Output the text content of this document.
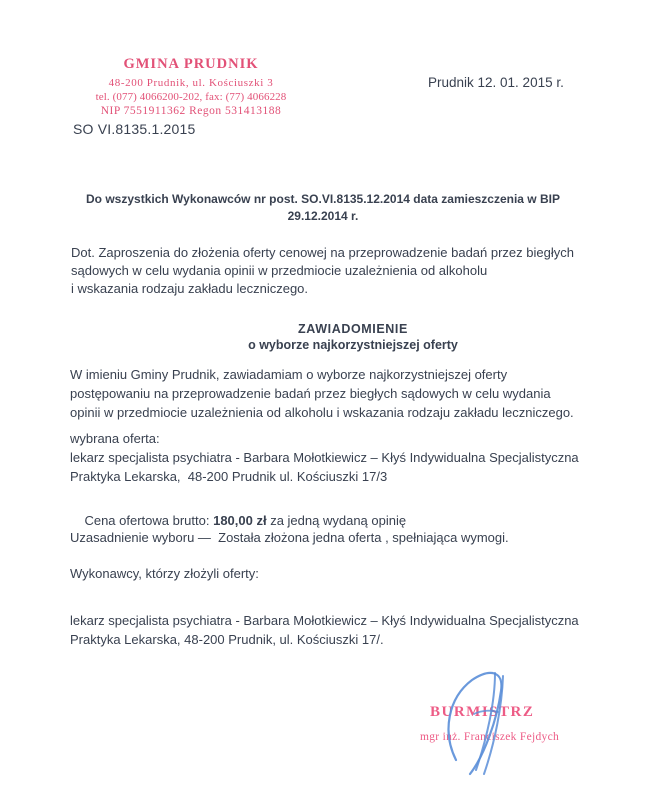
GMINA PRUDNIK
48-200 Prudnik, ul. Kościuszki 3
tel. (077) 4066200-202, fax: (77) 4066228
NIP 7551911362 Regon 531413188
Prudnik 12. 01. 2015 r.
SO VI.8135.1.2015
Do wszystkich Wykonawców nr post. SO.VI.8135.12.2014 data zamieszczenia w BIP 29.12.2014 r.
Dot. Zaproszenia do złożenia oferty cenowej na przeprowadzenie badań przez biegłych
sądowych w celu wydania opinii w przedmiocie uzależnienia od alkoholu
i wskazania rodzaju zakładu leczniczego.
ZAWIADOMIENIE
o wyborze najkorzystniejszej oferty
W imieniu Gminy Prudnik, zawiadamiam o wyborze najkorzystniejszej oferty
postępowaniu na przeprowadzenie badań przez biegłych sądowych w celu wydania
opinii w przedmiocie uzależnienia od alkoholu i wskazania rodzaju zakładu leczniczego.
wybrana oferta:
lekarz specjalista psychiatra - Barbara Mołotkiewicz – Kłyś Indywidualna Specjalistyczna
Praktyka Lekarska,  48-200 Prudnik ul. Kościuszki 17/3

Cena ofertowa brutto: 180,00 zł za jedną wydaną opinię

Uzasadnienie wyboru —  Została złożona jedna oferta , spełniająca wymogi.
Wykonawcy, którzy złożyli oferty:
lekarz specjalista psychiatra - Barbara Mołotkiewicz – Kłyś Indywidualna Specjalistyczna
Praktyka Lekarska, 48-200 Prudnik, ul. Kościuszki 17/.
BURMISTRZ
mgr inż. Franciszek Fejdych
